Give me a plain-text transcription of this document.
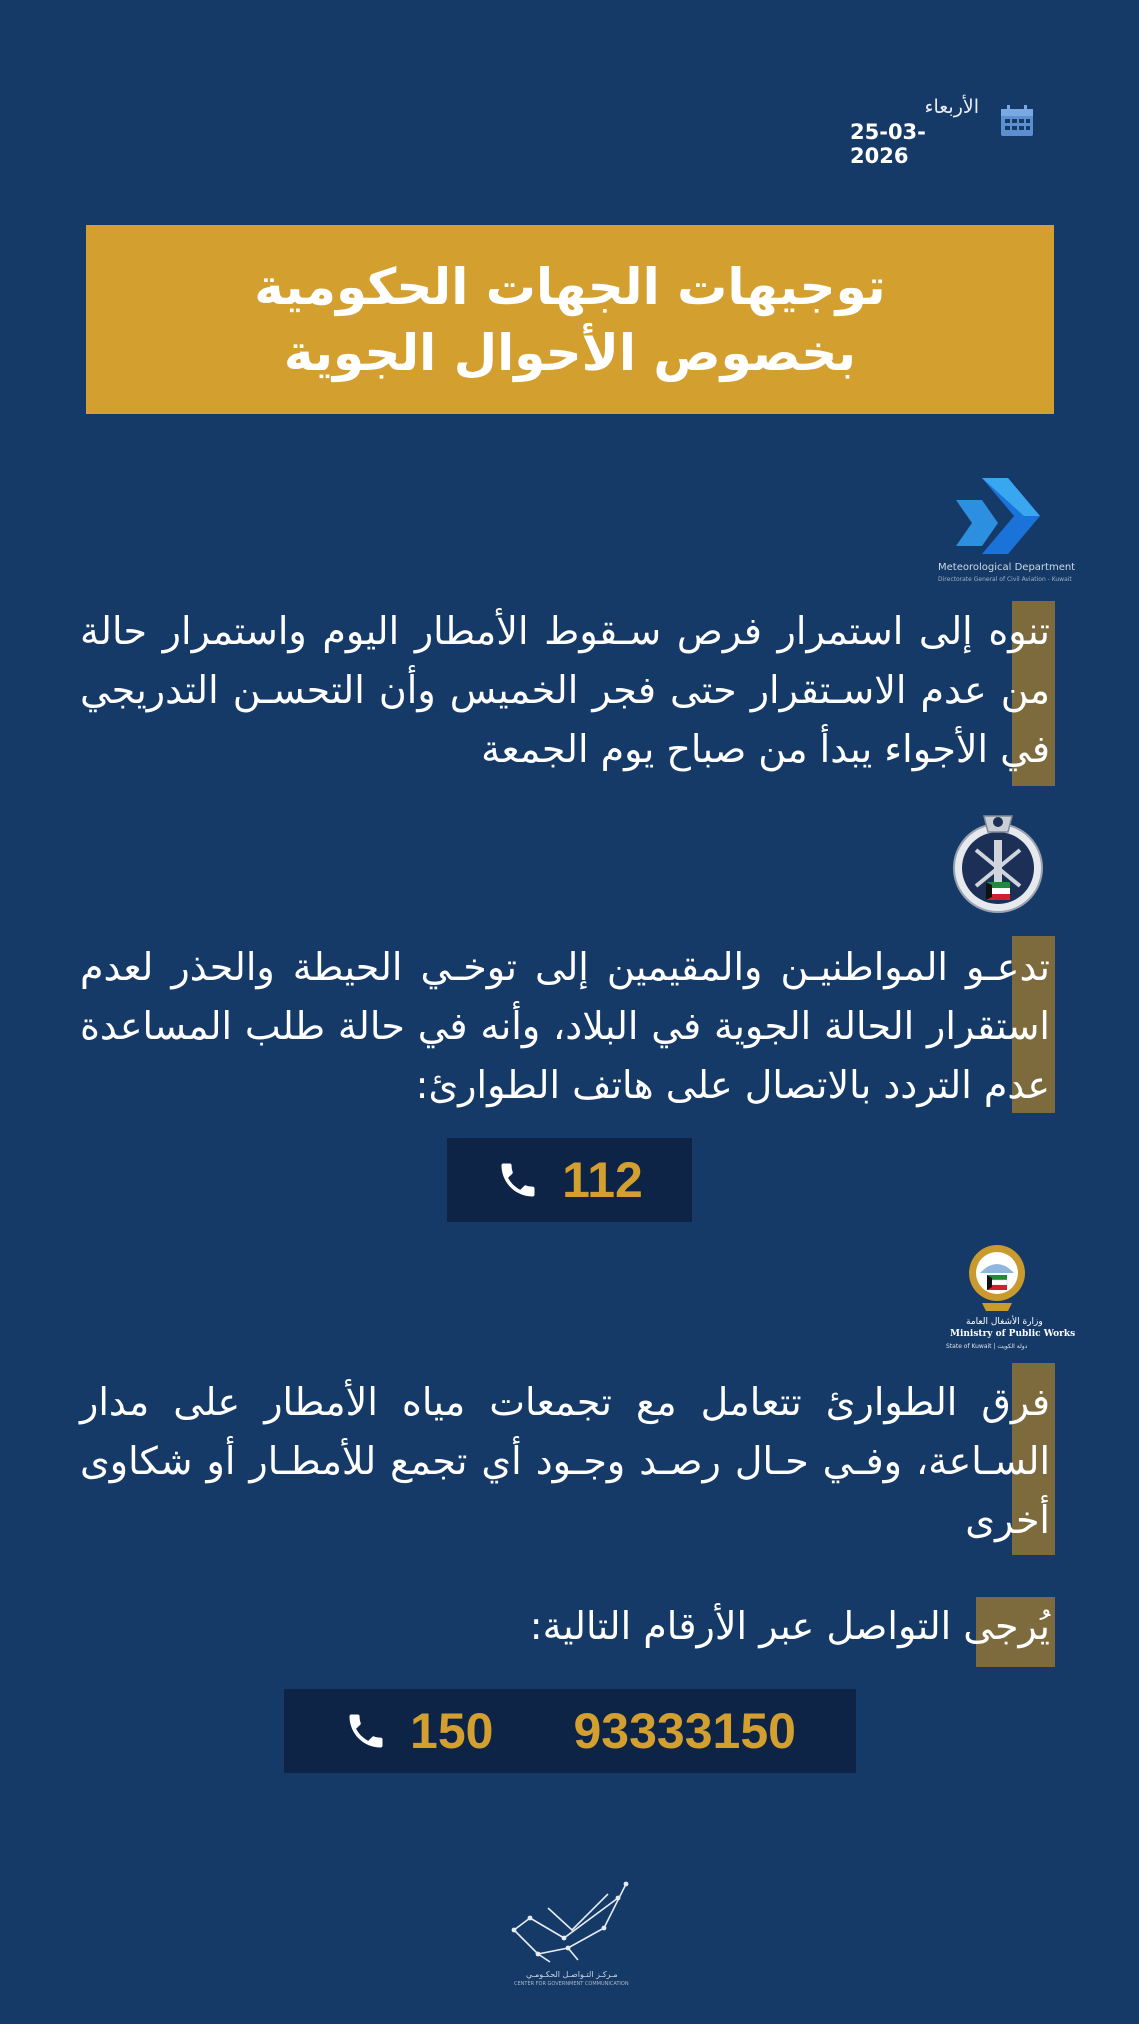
الأربعاء
25-03-2026
توجيهات الجهات الحكومية
بخصوص الأحوال الجوية
Meteorological Department
Directorate General of Civil Aviation - Kuwait
تنوه إلى استمرار فرص سـقوط الأمطار اليوم واستمرار حالة من عدم الاسـتقرار حتى فجر الخميس وأن التحسـن التدريجي في الأجواء يبدأ من صباح يوم الجمعة
تدعـو المواطنيـن والمقيمين إلى توخـي الحيطة والحذر لعدم استقرار الحالة الجوية في البلاد، وأنه في حالة طلب المساعدة عدم التردد بالاتصال على هاتف الطوارئ:
112
وزارة الأشغال العامة
Ministry of Public Works
State of Kuwait | دولة الكويت
فرق الطوارئ تتعامل مع تجمعات مياه الأمطار على مدار السـاعة، وفـي حـال رصـد وجـود أي تجمع للأمطـار أو شكاوى أخرى
يُرجى التواصل عبر الأرقام التالية:
150 93333150
مـركـز التـواصـل الحكـومـي
CENTER FOR GOVERNMENT COMMUNICATION
